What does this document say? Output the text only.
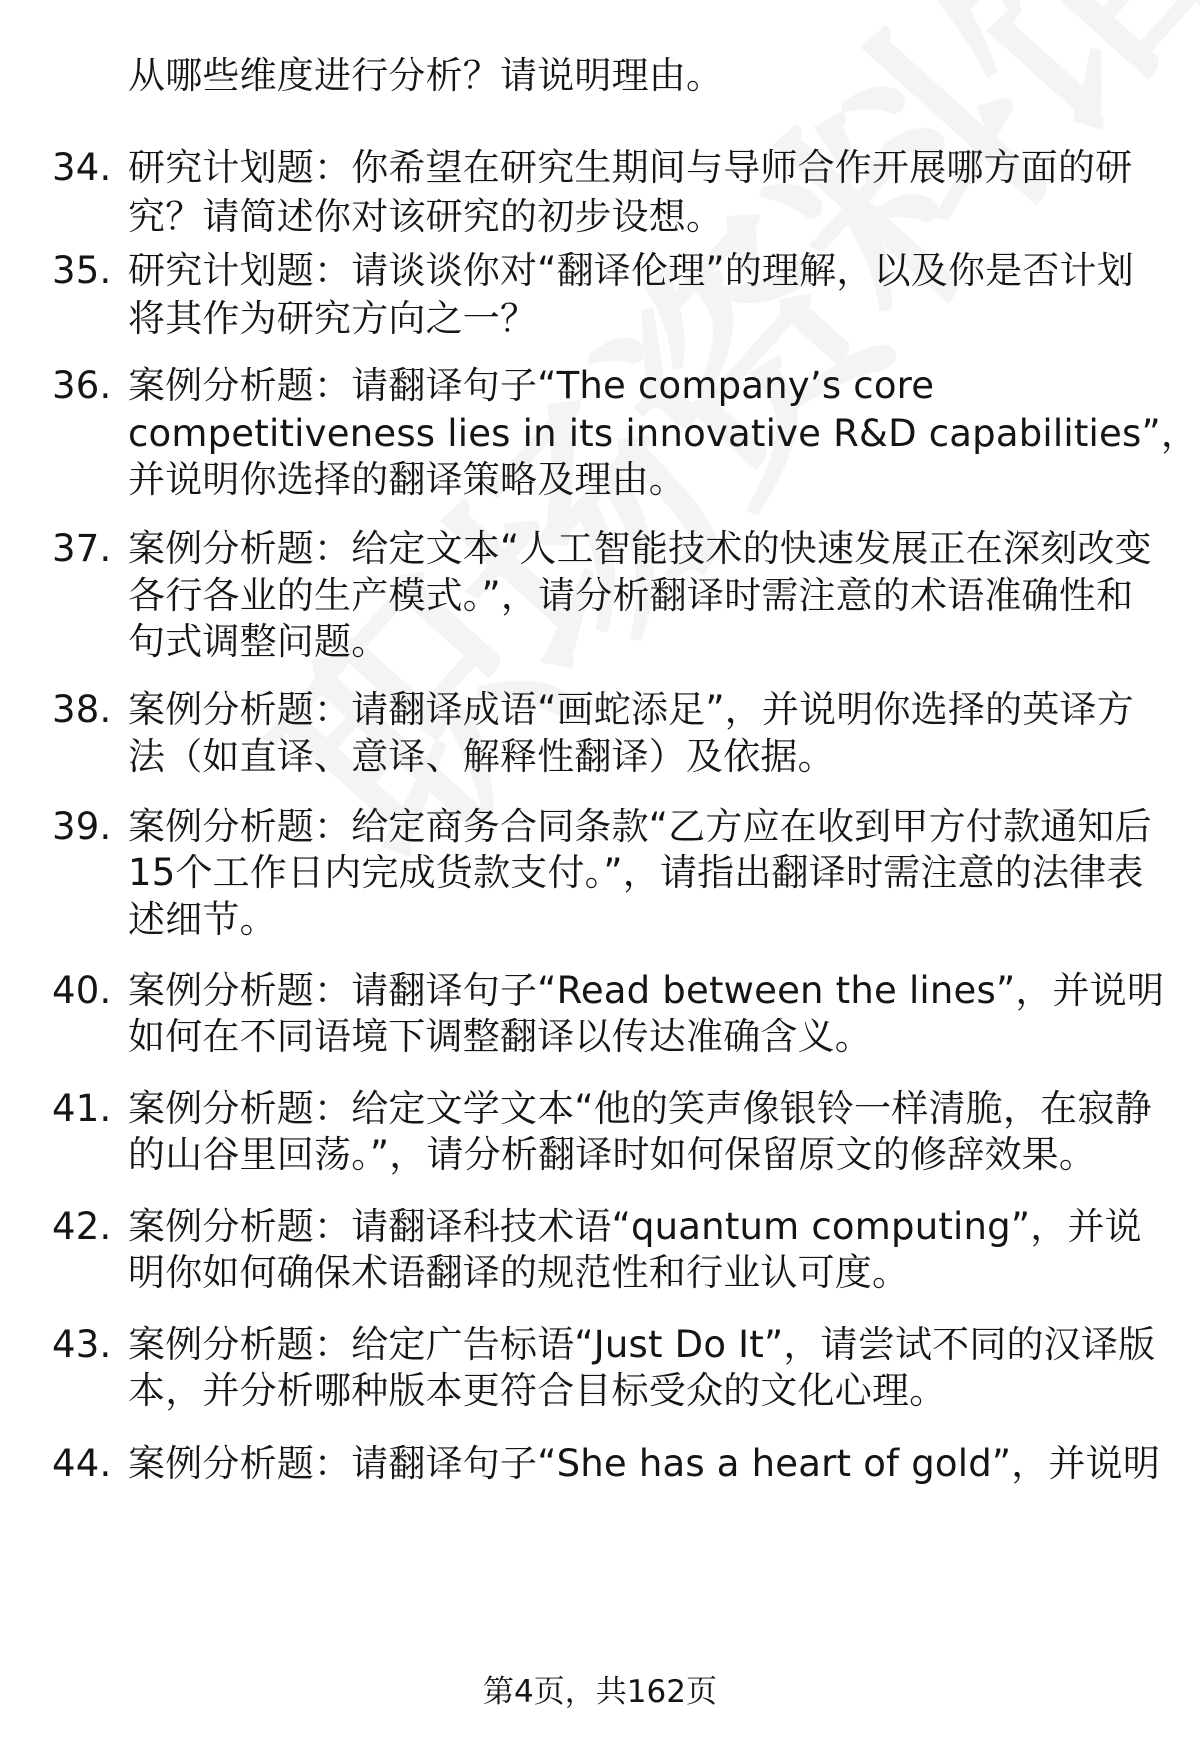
从哪些维度进行分析？请说明理由。
34. 研究计划题：你希望在研究生期间与导师合作开展哪方面的研
究？请简述你对该研究的初步设想。
35. 研究计划题：请谈谈你对“翻译伦理”的理解，以及你是否计划
将其作为研究方向之一？
36. 案例分析题：请翻译句子“The company’s core
competitiveness lies in its innovative R&D capabilities”，
并说明你选择的翻译策略及理由。
37. 案例分析题：给定文本“人工智能技术的快速发展正在深刻改变
各行各业的生产模式。”，请分析翻译时需注意的术语准确性和
句式调整问题。
38. 案例分析题：请翻译成语“画蛇添足”，并说明你选择的英译方
法（如直译、意译、解释性翻译）及依据。
39. 案例分析题：给定商务合同条款“乙方应在收到甲方付款通知后
15个工作日内完成货款支付。”，请指出翻译时需注意的法律表
述细节。
40. 案例分析题：请翻译句子“Read between the lines”，并说明
如何在不同语境下调整翻译以传达准确含义。
41. 案例分析题：给定文学文本“他的笑声像银铃一样清脆，在寂静
的山谷里回荡。”，请分析翻译时如何保留原文的修辞效果。
42. 案例分析题：请翻译科技术语“quantum computing”，并说
明你如何确保术语翻译的规范性和行业认可度。
43. 案例分析题：给定广告标语“Just Do It”，请尝试不同的汉译版
本，并分析哪种版本更符合目标受众的文化心理。
44. 案例分析题：请翻译句子“She has a heart of gold”，并说明
第4页，共162页
